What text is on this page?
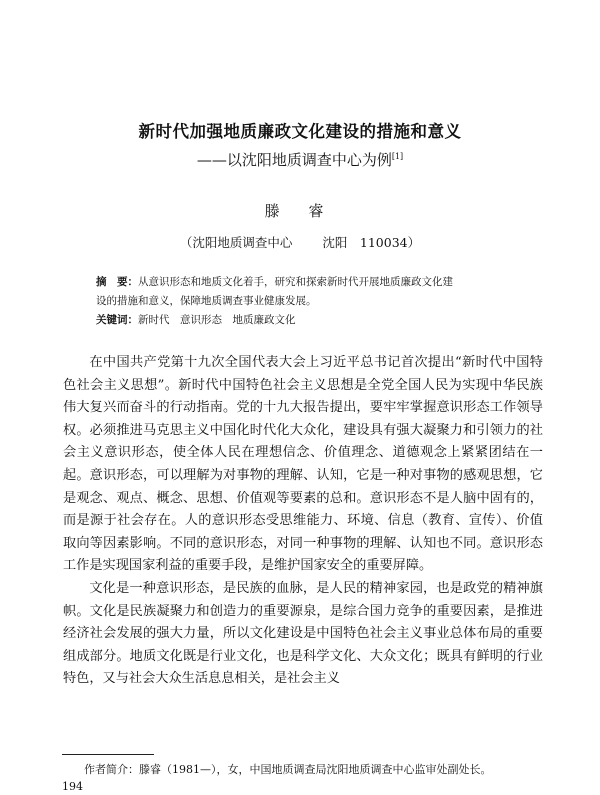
新时代加强地质廉政文化建设的措施和意义
——以沈阳地质调查中心为例[1]
滕 睿
（沈阳地质调查中心 沈阳　110034）
摘　要：从意识形态和地质文化着手，研究和探索新时代开展地质廉政文化建
设的措施和意义，保障地质调查事业健康发展。
关键词：新时代　意识形态　地质廉政文化

在中国共产党第十九次全国代表大会上习近平总书记首次提出“新时代中国特色社会主义思想”。新时代中国特色社会主义思想是全党全国人民为实现中华民族伟大复兴而奋斗的行动指南。党的十九大报告提出，要牢牢掌握意识形态工作领导权。必须推进马克思主义中国化时代化大众化，建设具有强大凝聚力和引领力的社会主义意识形态，使全体人民在理想信念、价值理念、道德观念上紧紧团结在一起。意识形态，可以理解为对事物的理解、认知，它是一种对事物的感观思想，它是观念、观点、概念、思想、价值观等要素的总和。意识形态不是人脑中固有的，而是源于社会存在。人的意识形态受思维能力、环境、信息（教育、宣传）、价值取向等因素影响。不同的意识形态，对同一种事物的理解、认知也不同。意识形态工作是实现国家利益的重要手段，是维护国家安全的重要屏障。

文化是一种意识形态，是民族的血脉，是人民的精神家园，也是政党的精神旗帜。文化是民族凝聚力和创造力的重要源泉，是综合国力竞争的重要因素，是推进经济社会发展的强大力量，所以文化建设是中国特色社会主义事业总体布局的重要组成部分。地质文化既是行业文化，也是科学文化、大众文化；既具有鲜明的行业特色，又与社会大众生活息息相关，是社会主义

作者简介：滕睿（1981—），女，中国地质调查局沈阳地质调查中心监审处副处长。
194
